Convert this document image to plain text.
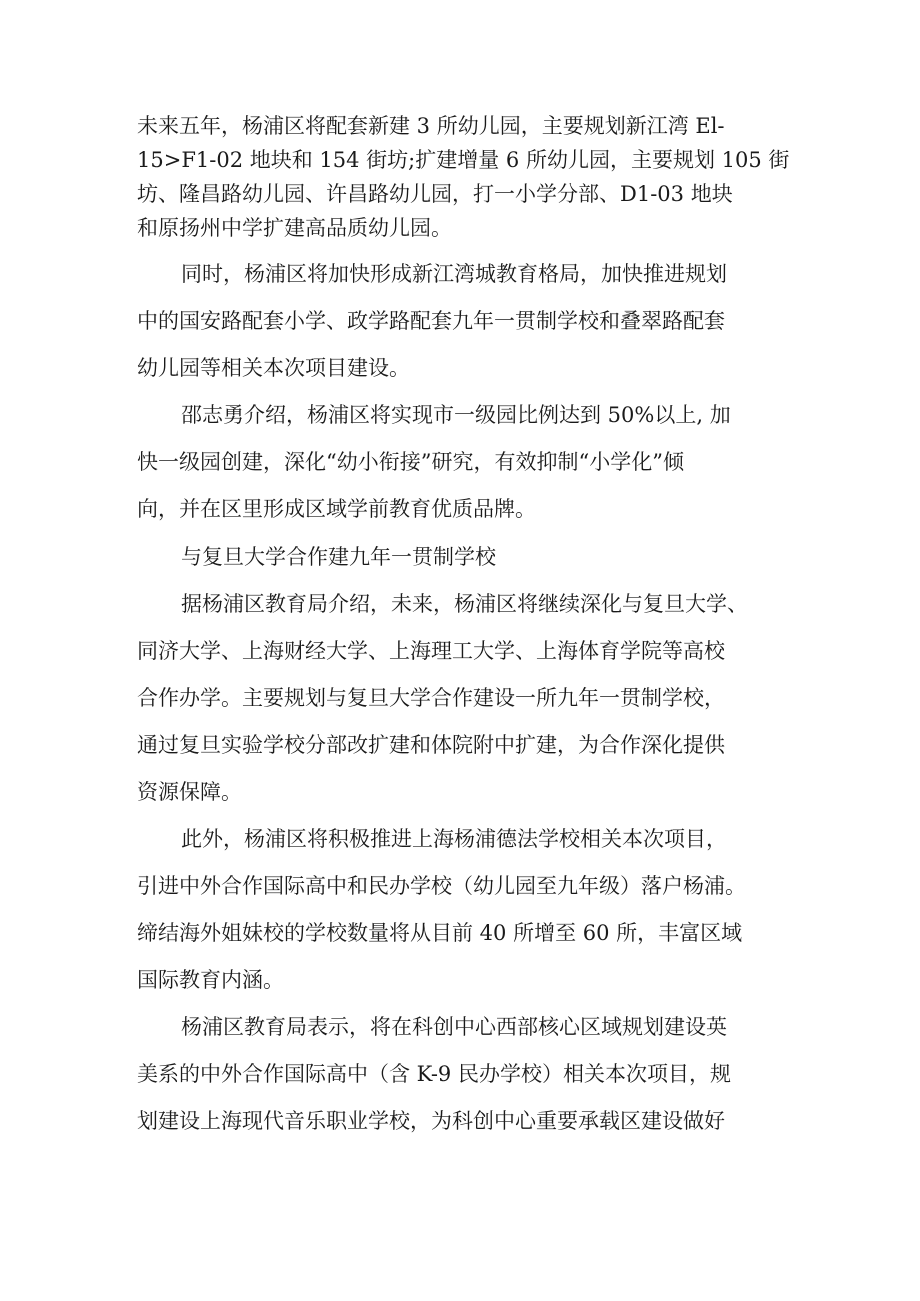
未来五年，杨浦区将配套新建 3 所幼儿园，主要规划新江湾 El-
15>F1-02 地块和 154 街坊;扩建增量 6 所幼儿园，主要规划 105 街
坊、隆昌路幼儿园、许昌路幼儿园，打一小学分部、D1-03 地块
和原扬州中学扩建高品质幼儿园。
同时，杨浦区将加快形成新江湾城教育格局，加快推进规划
中的国安路配套小学、政学路配套九年一贯制学校和叠翠路配套
幼儿园等相关本次项目建设。
邵志勇介绍，杨浦区将实现市一级园比例达到 50%以上, 加
快一级园创建，深化“幼小衔接”研究，有效抑制“小学化”倾
向，并在区里形成区域学前教育优质品牌。
与复旦大学合作建九年一贯制学校
据杨浦区教育局介绍，未来，杨浦区将继续深化与复旦大学、
同济大学、上海财经大学、上海理工大学、上海体育学院等高校
合作办学。主要规划与复旦大学合作建设一所九年一贯制学校，
通过复旦实验学校分部改扩建和体院附中扩建，为合作深化提供
资源保障。
此外，杨浦区将积极推进上海杨浦德法学校相关本次项目，
引进中外合作国际高中和民办学校（幼儿园至九年级）落户杨浦。
缔结海外姐妹校的学校数量将从目前 40 所增至 60 所，丰富区域
国际教育内涵。
杨浦区教育局表示，将在科创中心西部核心区域规划建设英
美系的中外合作国际高中（含 K-9 民办学校）相关本次项目，规
划建设上海现代音乐职业学校，为科创中心重要承载区建设做好
